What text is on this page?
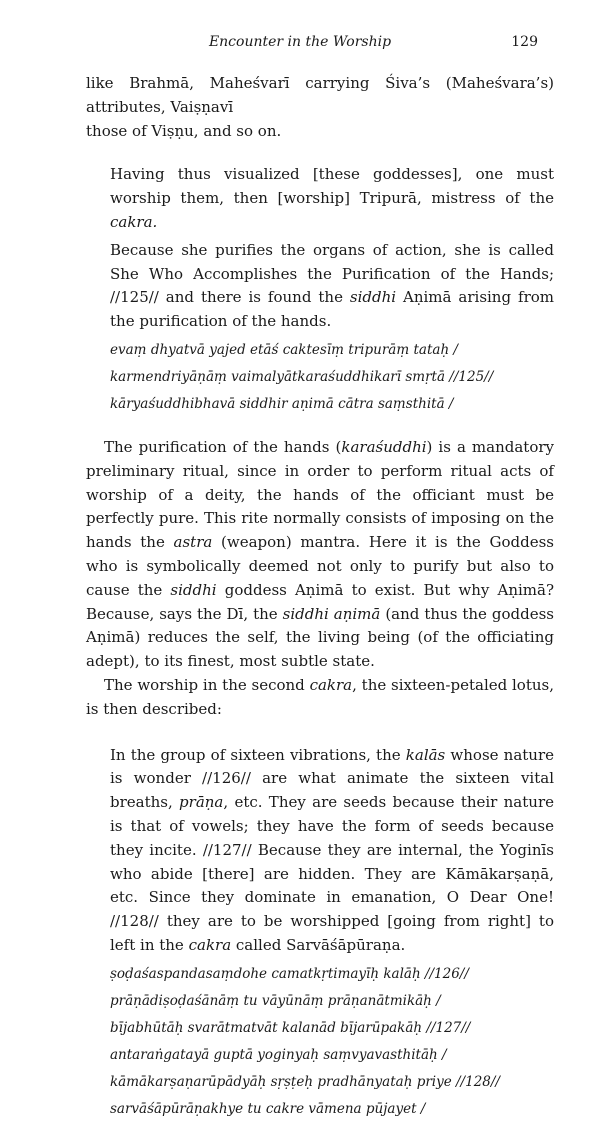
Encounter in the Worship	129

like Brahmā, Maheśvarī carrying Śiva’s (Maheśvara’s) attributes, Vaiṣṇavī
those of Viṣṇu, and so on.

Having thus visualized [these goddesses], one must worship them, then [worship] Tripurā, mistress of the cakra.

Because she purifies the organs of action, she is called She Who Accomplishes the Purification of the Hands; //125// and there is found the siddhi Aṇimā arising from the purification of the hands.

evaṃ dhyatvā yajed etāś caktesīṃ tripurāṃ tataḥ /
karmendriyāṇāṃ vaimalyātkaraśuddhikarī smṛtā //125//
kāryaśuddhibhavā siddhir aṇimā cātra saṃsthitā /

The purification of the hands (karaśuddhi) is a mandatory preliminary ritual, since in order to perform ritual acts of worship of a deity, the hands of the officiant must be perfectly pure. This rite normally consists of imposing on the hands the astra (weapon) mantra. Here it is the Goddess who is symbolically deemed not only to purify but also to cause the siddhi goddess Aṇimā to exist. But why Aṇimā? Because, says the Dī, the siddhi aṇimā (and thus the goddess Aṇimā) reduces the self, the living being (of the officiating adept), to its finest, most subtle state.

The worship in the second cakra, the sixteen-petaled lotus, is then described:

In the group of sixteen vibrations, the kalās whose nature is wonder //126// are what animate the sixteen vital breaths, prāṇa, etc. They are seeds because their nature is that of vowels; they have the form of seeds because they incite. //127// Because they are internal, the Yoginīs who abide [there] are hidden. They are Kāmākarṣaṇā, etc. Since they dominate in emanation, O Dear One! //128// they are to be worshipped [going from right] to left in the cakra called Sarvāśāpūraṇa.

ṣoḍaśaspandasaṃdohe camatkṛtimayīḥ kalāḥ //126//
prāṇādiṣoḍaśānāṃ tu vāyūnāṃ prāṇanātmikāḥ /
bījabhūtāḥ svarātmatvāt kalanād bījarūpakāḥ //127//
antaraṅgatayā guptā yoginyaḥ saṃvyavasthitāḥ /
kāmākarṣaṇarūpādyāḥ sṛṣṭeḥ pradhānyataḥ priye //128//
sarvāśāpūrāṇakhye tu cakre vāmena pūjayet /
